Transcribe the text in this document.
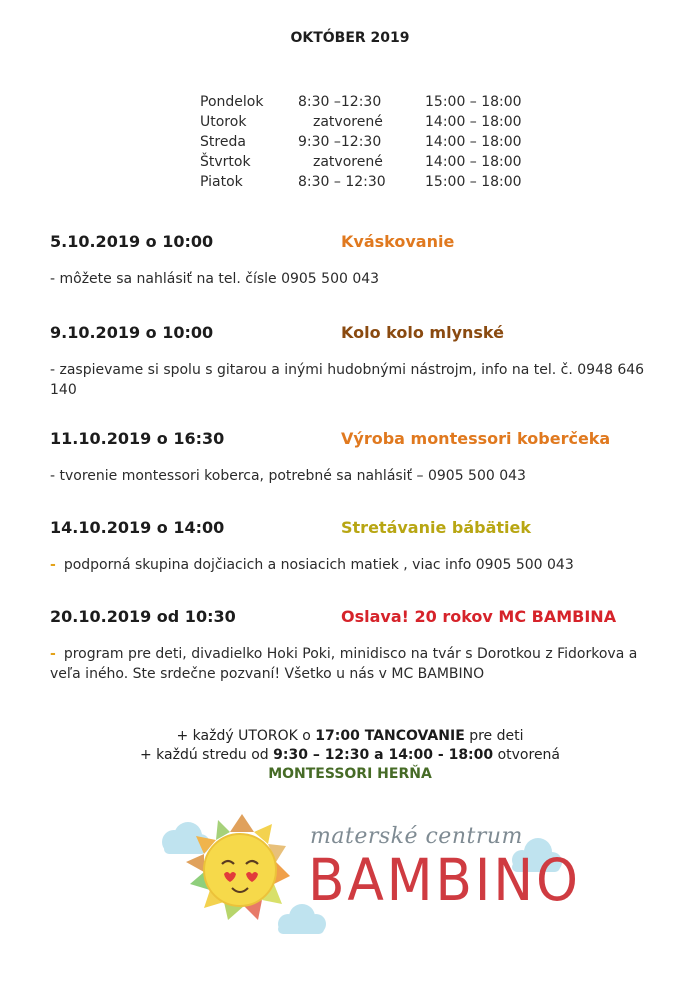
OKTÓBER 2019
Pondelok	8:30 –12:30	15:00 – 18:00
Utorok	zatvorené	14:00 – 18:00
Streda	9:30 –12:30	14:00 – 18:00
Štvrtok	zatvorené	14:00 – 18:00
Piatok	8:30 – 12:30	15:00 – 18:00
5.10.2019 o 10:00	Kváskovanie
- môžete sa nahlásiť na tel. čísle 0905 500 043
9.10.2019 o 10:00	Kolo kolo mlynské
- zaspievame si spolu s gitarou a inými hudobnými nástrojm, info na tel. č. 0948 646 140
11.10.2019 o 16:30	Výroba montessori koberčeka
- tvorenie montessori koberca, potrebné sa nahlásiť – 0905 500 043
14.10.2019 o 14:00	Stretávanie bábätiek
- podporná skupina dojčiacich a nosiacich matiek , viac info 0905 500 043
20.10.2019 od 10:30	Oslava! 20 rokov MC BAMBINA
- program pre deti, divadielko Hoki Poki, minidisco na tvár s Dorotkou z Fidorkova a veľa iného. Ste srdečne pozvaní! Všetko u nás v MC BAMBINO
+ každý UTOROK o 17:00 TANCOVANIE pre deti
+ každú stredu od 9:30 – 12:30 a 14:00 - 18:00 otvorená
MONTESSORI HERŇA
materské centrum
BAMBINO
